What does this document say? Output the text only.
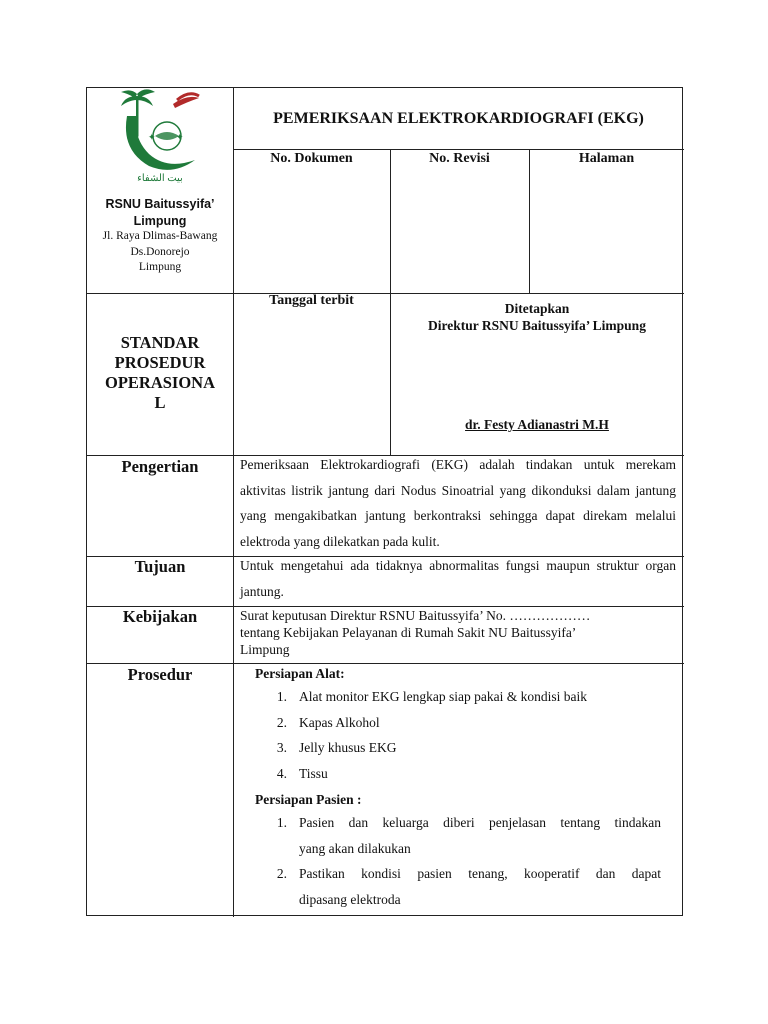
✦ ✦
بيت الشفاء
RSNU Baitussyifa’
Limpung
Jl. Raya Dlimas-Bawang
Ds.Donorejo
Limpung
PEMERIKSAAN ELEKTROKARDIOGRAFI (EKG)
No. Dokumen	No. Revisi	Halaman
STANDAR
PROSEDUR
OPERASIONA
L
Tanggal terbit
Ditetapkan
Direktur RSNU Baitussyifa’ Limpung
dr. Festy Adianastri M.H
Pengertian	Pemeriksaan Elektrokardiografi (EKG) adalah tindakan untuk merekam aktivitas listrik jantung dari Nodus Sinoatrial yang dikonduksi dalam jantung yang mengakibatkan jantung berkontraksi sehingga dapat direkam melalui elektroda yang dilekatkan pada kulit.
Tujuan	Untuk mengetahui ada tidaknya abnormalitas fungsi maupun struktur organ jantung.
Kebijakan	Surat keputusan Direktur RSNU Baitussyifa’ No. ………………
tentang Kebijakan Pelayanan di Rumah Sakit NU Baitussyifa’
Limpung
Prosedur	Persiapan Alat:
1. Alat monitor EKG lengkap siap pakai & kondisi baik
2. Kapas Alkohol
3. Jelly khusus EKG
4. Tissu
Persiapan Pasien :
1. Pasien dan keluarga diberi penjelasan tentang tindakan
yang akan dilakukan
2. Pastikan kondisi pasien tenang, kooperatif dan dapat
dipasang elektroda
